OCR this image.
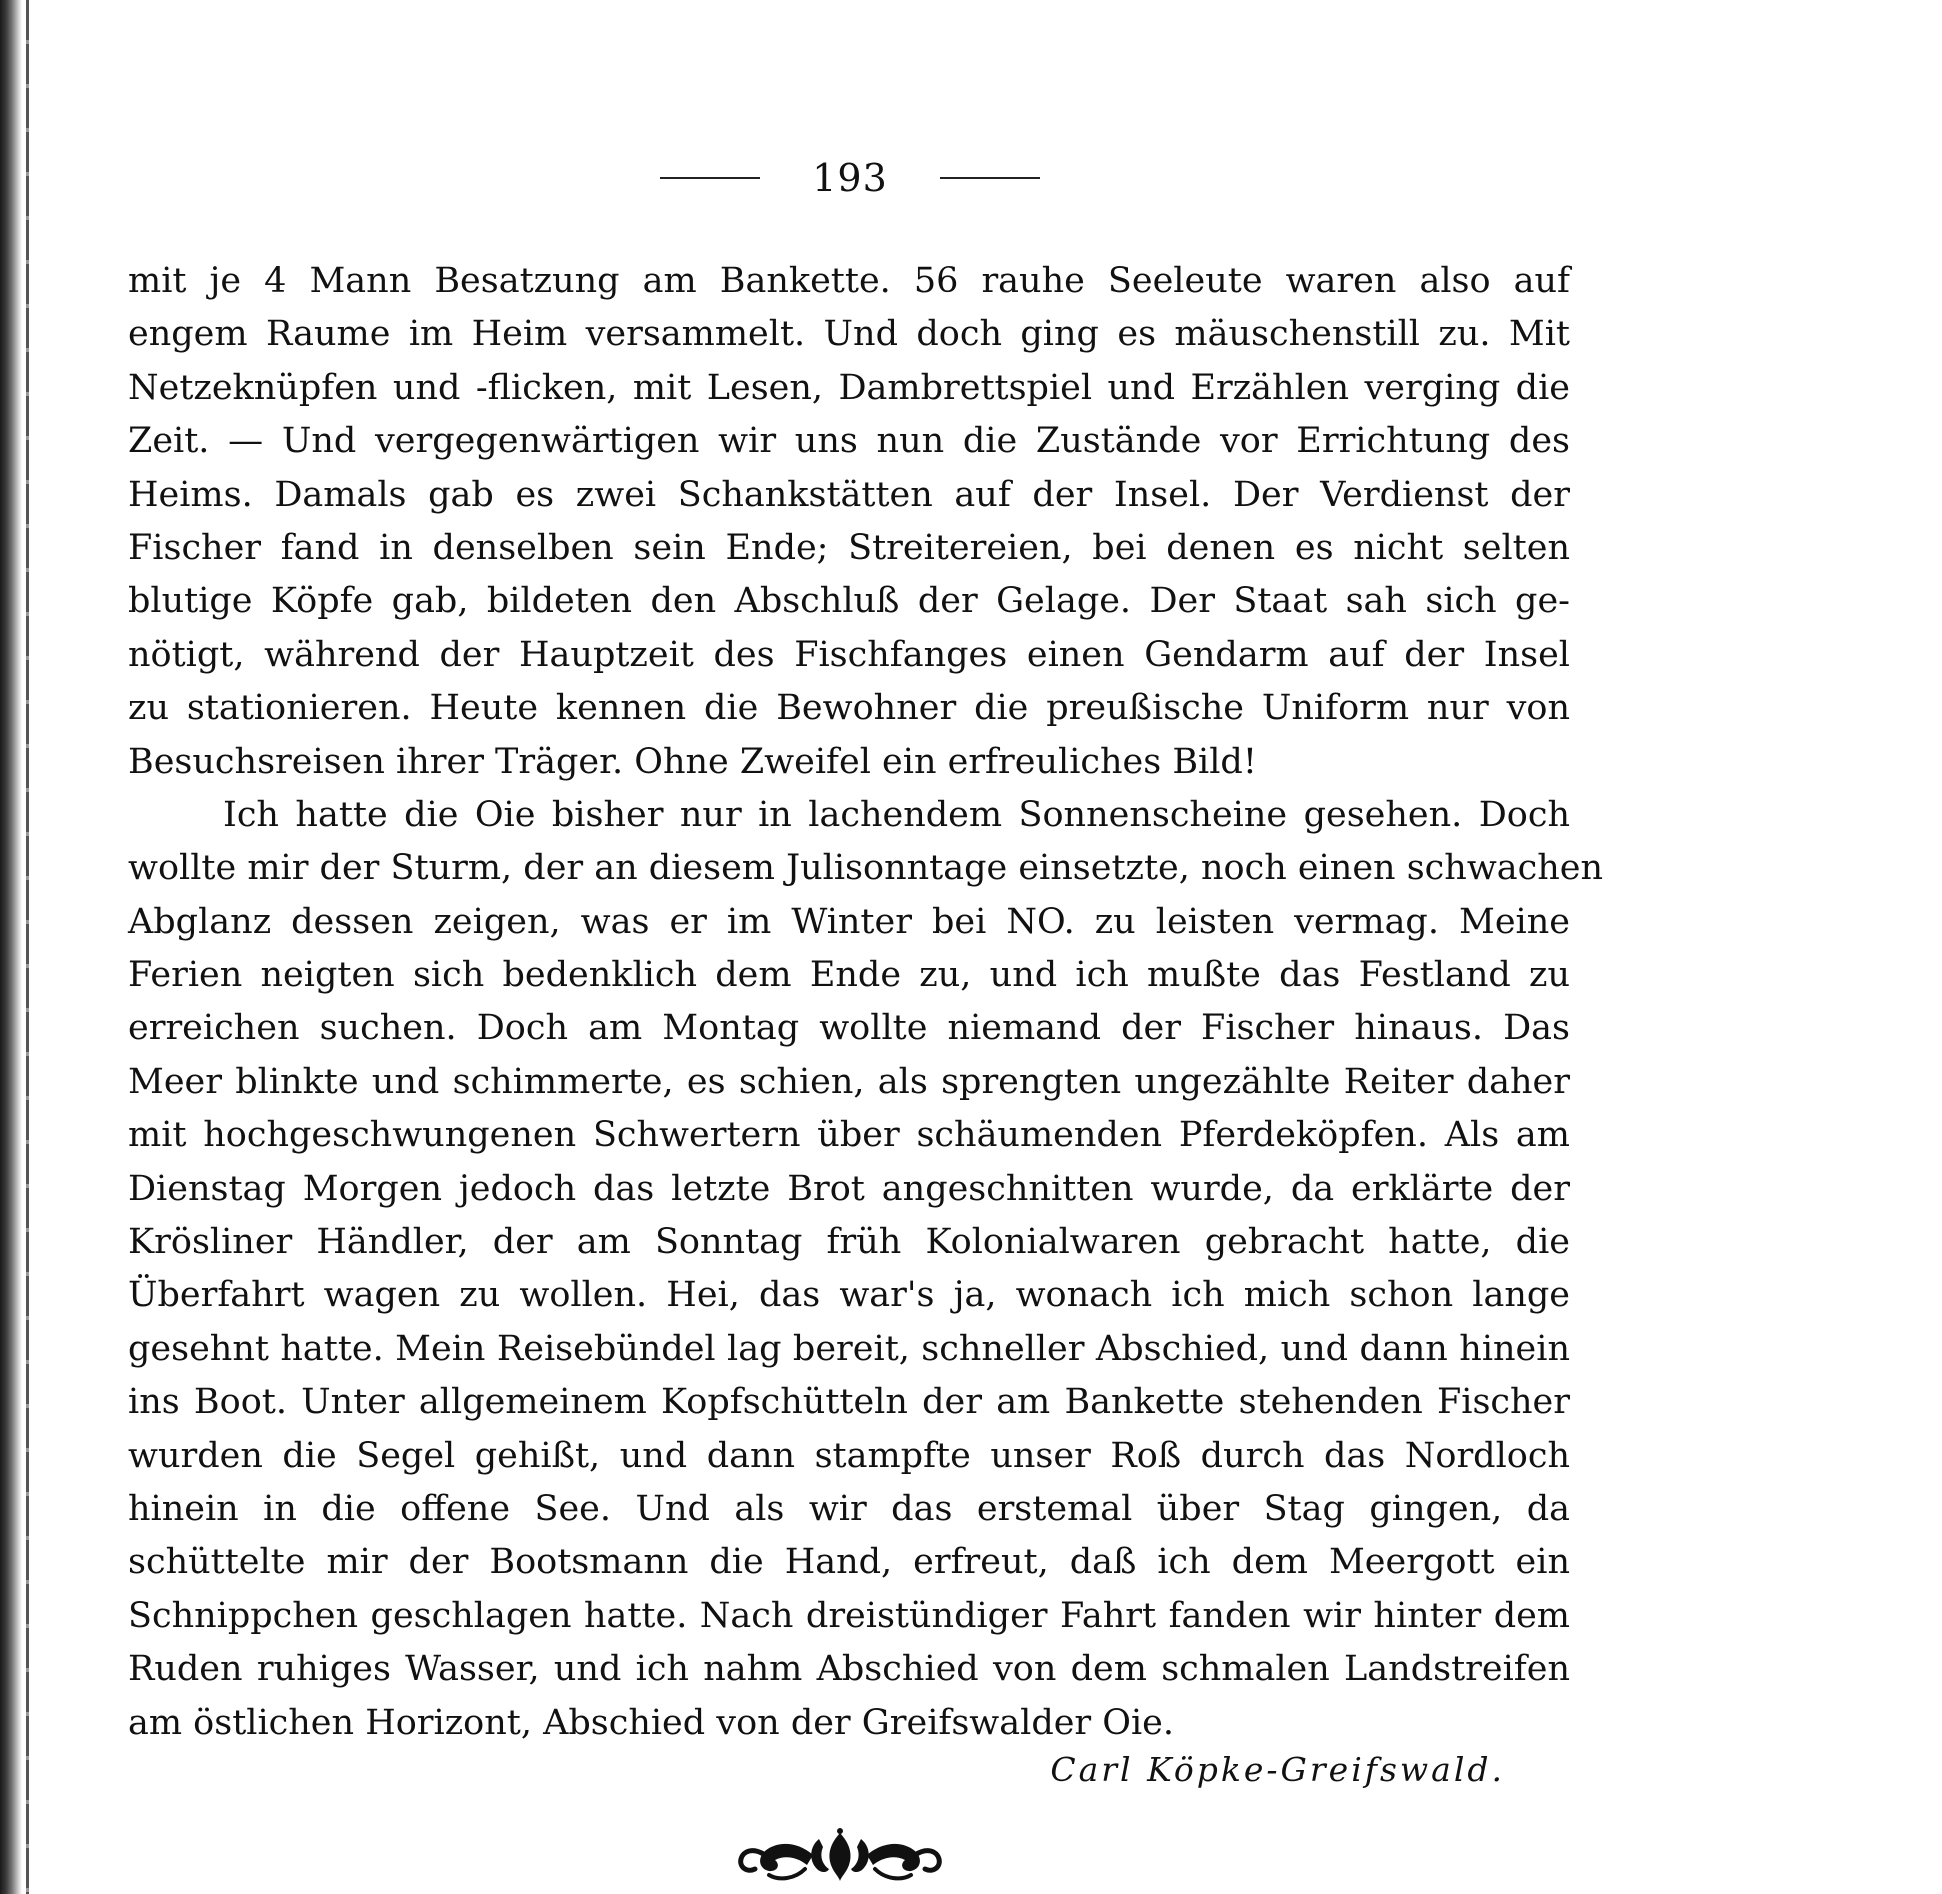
193
mit je 4 Mann Besatzung am Bankette. 56 rauhe Seeleute waren also auf
engem Raume im Heim versammelt. Und doch ging es mäuschenstill zu. Mit
Netzeknüpfen und -flicken, mit Lesen, Dambrettspiel und Erzählen verging die
Zeit. — Und vergegenwärtigen wir uns nun die Zustände vor Errichtung des
Heims. Damals gab es zwei Schankstätten auf der Insel. Der Verdienst der
Fischer fand in denselben sein Ende; Streitereien, bei denen es nicht selten
blutige Köpfe gab, bildeten den Abschluß der Gelage. Der Staat sah sich ge-
nötigt, während der Hauptzeit des Fischfanges einen Gendarm auf der Insel
zu stationieren. Heute kennen die Bewohner die preußische Uniform nur von
Besuchsreisen ihrer Träger. Ohne Zweifel ein erfreuliches Bild!
Ich hatte die Oie bisher nur in lachendem Sonnenscheine gesehen. Doch
wollte mir der Sturm, der an diesem Julisonntage einsetzte, noch einen schwachen
Abglanz dessen zeigen, was er im Winter bei NO. zu leisten vermag. Meine
Ferien neigten sich bedenklich dem Ende zu, und ich mußte das Festland zu
erreichen suchen. Doch am Montag wollte niemand der Fischer hinaus. Das
Meer blinkte und schimmerte, es schien, als sprengten ungezählte Reiter daher
mit hochgeschwungenen Schwertern über schäumenden Pferdeköpfen. Als am
Dienstag Morgen jedoch das letzte Brot angeschnitten wurde, da erklärte der
Krösliner Händler, der am Sonntag früh Kolonialwaren gebracht hatte, die
Überfahrt wagen zu wollen. Hei, das war's ja, wonach ich mich schon lange
gesehnt hatte. Mein Reisebündel lag bereit, schneller Abschied, und dann hinein
ins Boot. Unter allgemeinem Kopfschütteln der am Bankette stehenden Fischer
wurden die Segel gehißt, und dann stampfte unser Roß durch das Nordloch
hinein in die offene See. Und als wir das erstemal über Stag gingen, da
schüttelte mir der Bootsmann die Hand, erfreut, daß ich dem Meergott ein
Schnippchen geschlagen hatte. Nach dreistündiger Fahrt fanden wir hinter dem
Ruden ruhiges Wasser, und ich nahm Abschied von dem schmalen Landstreifen
am östlichen Horizont, Abschied von der Greifswalder Oie.
Carl Köpke-Greifswald.
